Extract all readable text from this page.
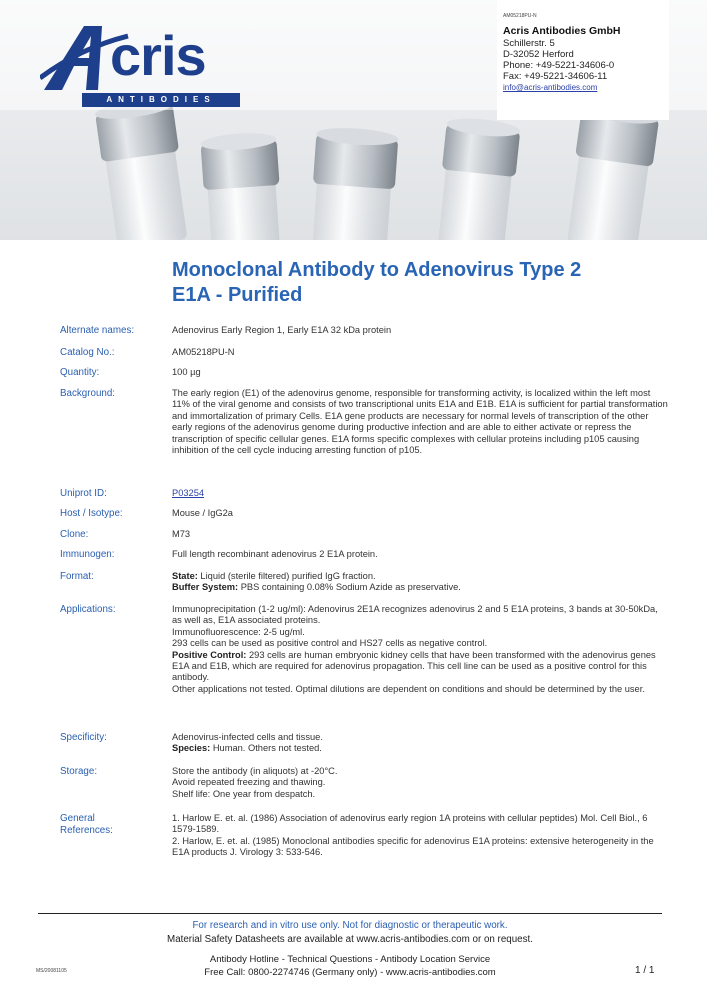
cris
ANTIBODIES
AM05218PU-N
Acris Antibodies GmbH
Schillerstr. 5
D-32052 Herford
Phone: +49-5221-34606-0
Fax: +49-5221-34606-11
info@acris-antibodies.com
Monoclonal Antibody to Adenovirus Type 2
E1A - Purified
Alternate names:	Adenovirus Early Region 1, Early E1A 32 kDa protein
Catalog No.:	AM05218PU-N
Quantity:	100 µg
Background:	The early region (E1) of the adenovirus genome, responsible for transforming activity, is localized within the left most 11% of the viral genome and consists of two transcriptional units E1A and E1B. E1A is sufficient for partial transformation and immortalization of primary Cells. E1A gene products are necessary for normal levels of transcription of the other early regions of the adenovirus genome during productive infection and are able to either activate or repress the transcription of specific cellular genes. E1A forms specific complexes with cellular proteins including p105 causing inhibition of the cell cycle inducing arresting function of p105.
Uniprot ID:	P03254
Host / Isotype:	Mouse / IgG2a
Clone:	M73
Immunogen:	Full length recombinant adenovirus 2 E1A protein.
Format:	State: Liquid (sterile filtered) purified IgG fraction.
Buffer System: PBS containing 0.08% Sodium Azide as preservative.
Applications:	Immunoprecipitation (1-2 ug/ml): Adenovirus 2E1A recognizes adenovirus 2 and 5 E1A proteins, 3 bands at 30-50kDa, as well as, E1A associated proteins.
Immunofluorescence: 2-5 ug/ml.
293 cells can be used as positive control and HS27 cells as negative control.
Positive Control: 293 cells are human embryonic kidney cells that have been transformed with the adenovirus genes E1A and E1B, which are required for adenovirus propagation. This cell line can be used as a positive control for this antibody.
Other applications not tested. Optimal dilutions are dependent on conditions and should be determined by the user.
Specificity:	Adenovirus-infected cells and tissue.
Species: Human. Others not tested.
Storage:	Store the antibody (in aliquots) at -20°C.
Avoid repeated freezing and thawing.
Shelf life: One year from despatch.
General
References:
1. Harlow E. et. al. (1986) Association of adenovirus early region 1A proteins with cellular peptides) Mol. Cell Biol., 6 1579-1589.
2. Harlow, E. et. al. (1985) Monoclonal antibodies specific for adenovirus E1A proteins: extensive heterogeneity in the E1A products J. Virology 3: 533-546.
For research and in vitro use only. Not for diagnostic or therapeutic work.
Material Safety Datasheets are available at www.acris-antibodies.com or on request.
Antibody Hotline - Technical Questions - Antibody Location Service
Free Call: 0800-2274746 (Germany only) - www.acris-antibodies.com
MS/20081105	1 / 1
